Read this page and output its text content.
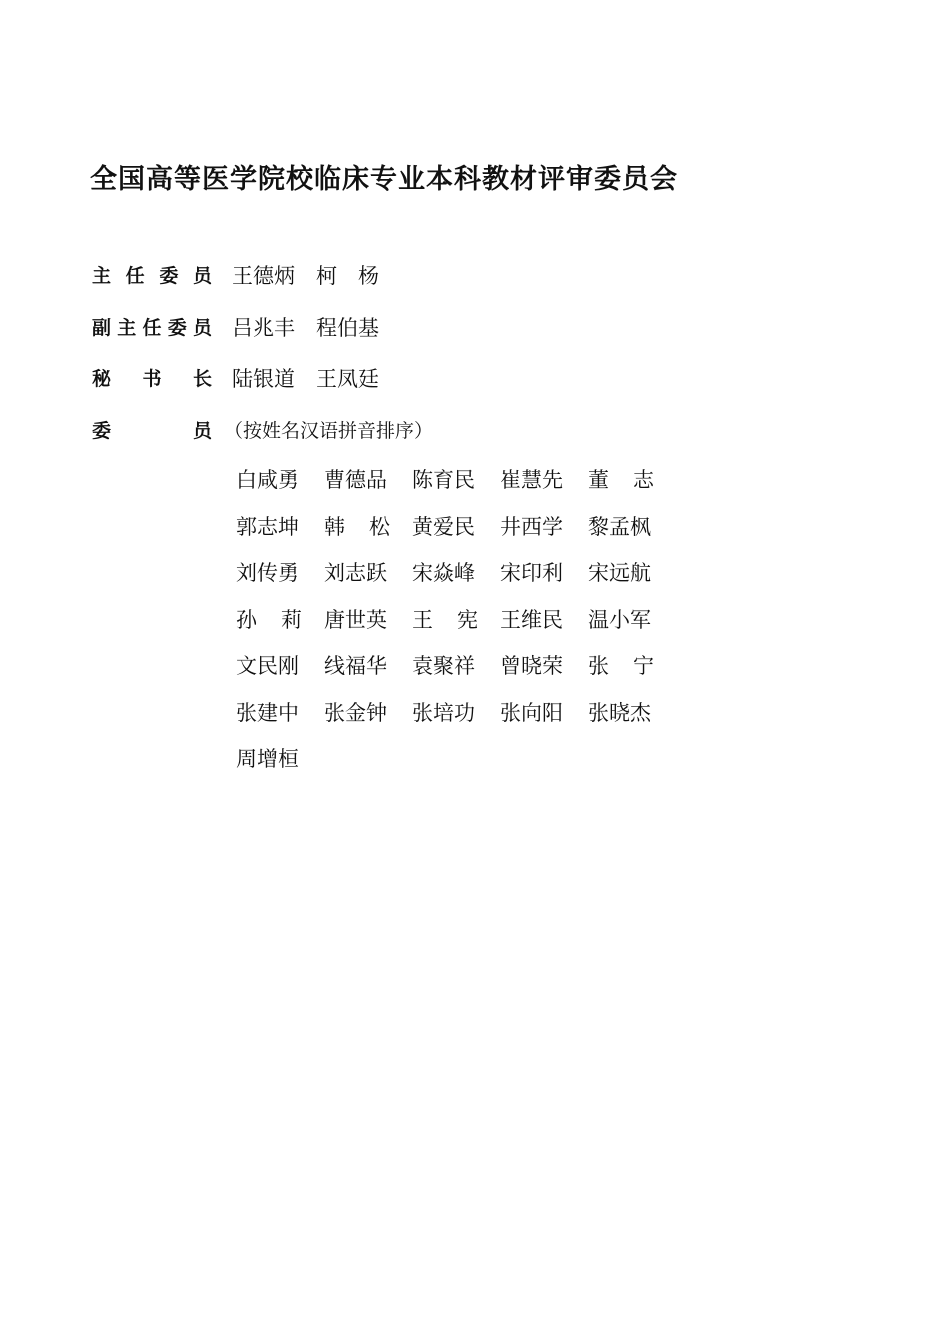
全国高等医学院校临床专业本科教材评审委员会
主 任 委 员 王德炳　柯　杨
副 主 任 委 员 吕兆丰　程伯基
秘 书 长 陆银道　王凤廷
委	员 （按姓名汉语拼音排序）
白咸勇 曹德品 陈育民 崔慧先 董 志
郭志坤 韩 松 黄爱民 井西学 黎孟枫
刘传勇 刘志跃 宋焱峰 宋印利 宋远航
孙 莉 唐世英 王 宪 王维民 温小军
文民刚 线福华 袁聚祥 曾晓荣 张 宁
张建中 张金钟 张培功 张向阳 张晓杰
周增桓
